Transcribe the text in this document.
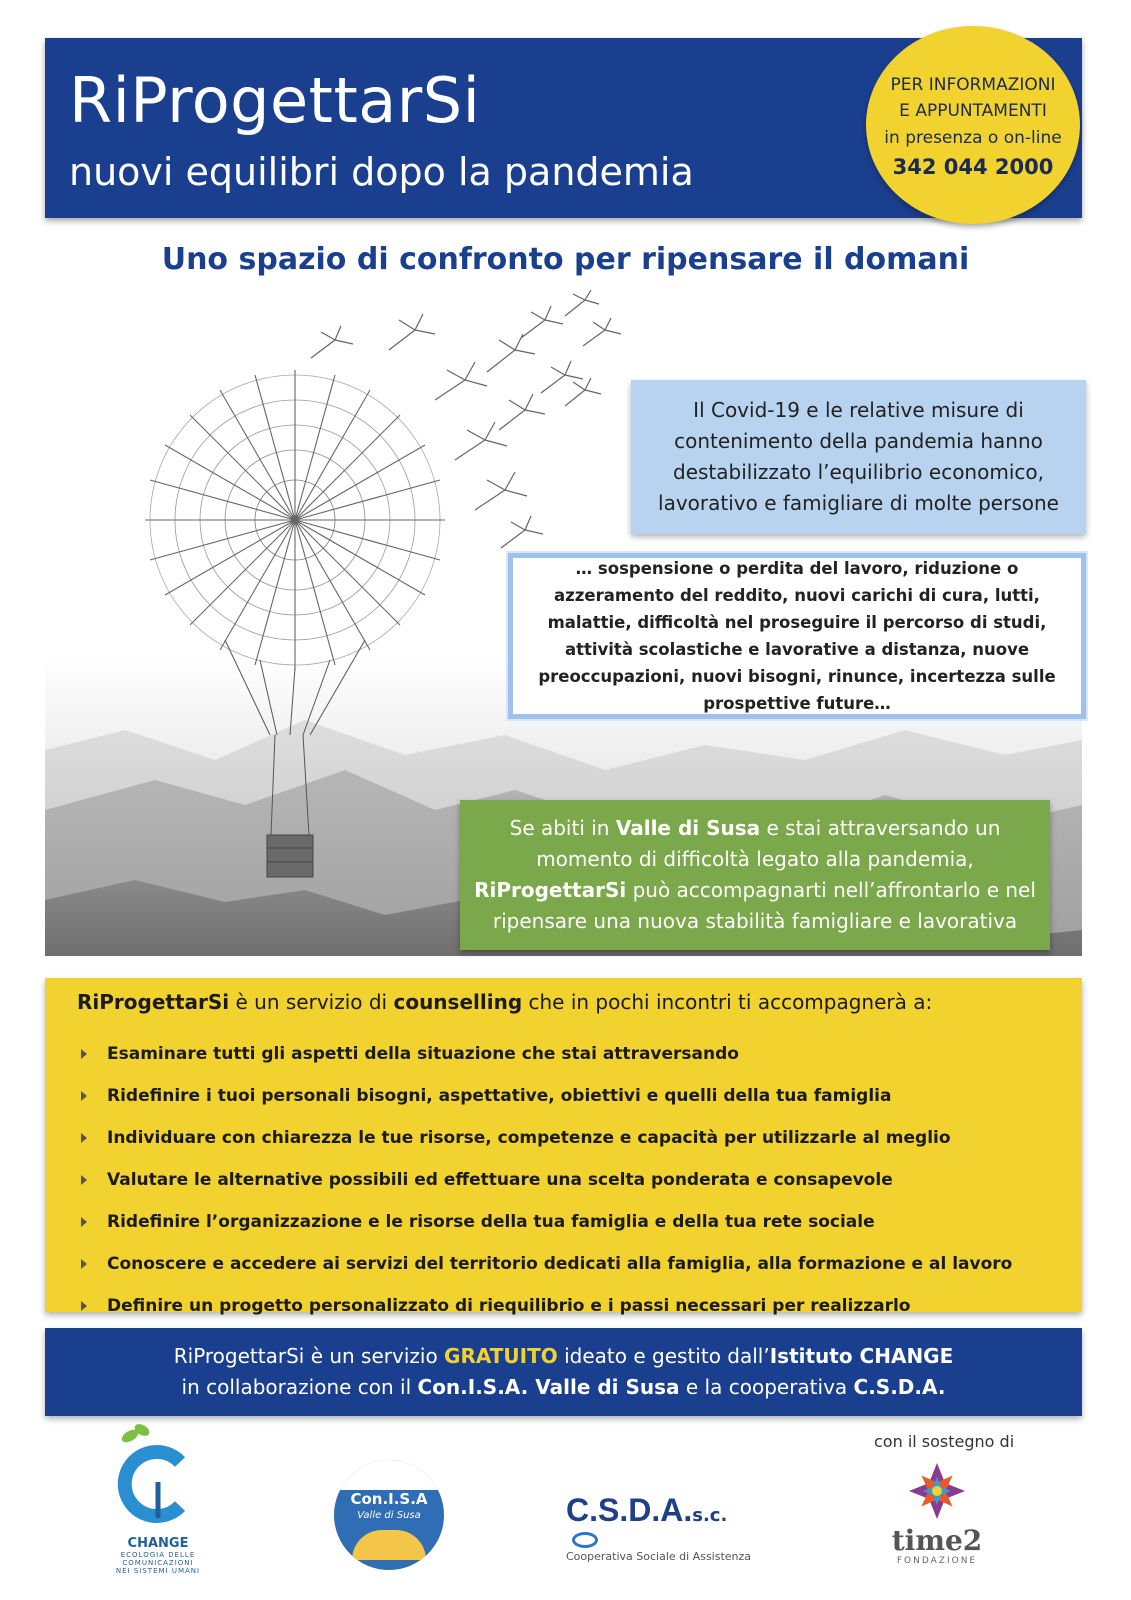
RiProgettarSi
nuovi equilibri dopo la pandemia
PER INFORMAZIONI
E APPUNTAMENTI
in presenza o on-line
342 044 2000
Uno spazio di confronto per ripensare il domani
Il Covid-19 e le relative misure di contenimento della pandemia hanno destabilizzato l’equilibrio economico, lavorativo e famigliare di molte persone
… sospensione o perdita del lavoro, riduzione o azzeramento del reddito, nuovi carichi di cura, lutti, malattie, difficoltà nel proseguire il percorso di studi, attività scolastiche e lavorative a distanza, nuove preoccupazioni, nuovi bisogni, rinunce, incertezza sulle prospettive future…
Se abiti in Valle di Susa e stai attraversando un momento di difficoltà legato alla pandemia, RiProgettarSi può accompagnarti nell’affrontarlo e nel ripensare una nuova stabilità famigliare e lavorativa
RiProgettarSi è un servizio di counselling che in pochi incontri ti accompagnerà a:
Esaminare tutti gli aspetti della situazione che stai attraversando
Ridefinire i tuoi personali bisogni, aspettative, obiettivi e quelli della tua famiglia
Individuare con chiarezza le tue risorse, competenze e capacità per utilizzarle al meglio
Valutare le alternative possibili ed effettuare una scelta ponderata e consapevole
Ridefinire l’organizzazione e le risorse della tua famiglia e della tua rete sociale
Conoscere e accedere ai servizi del territorio dedicati alla famiglia, alla formazione e al lavoro
Definire un progetto personalizzato di riequilibrio e i passi necessari per realizzarlo
RiProgettarSi è un servizio GRATUITO ideato e gestito dall’Istituto CHANGE
in collaborazione con il Con.I.S.A. Valle di Susa e la cooperativa C.S.D.A.
CHANGE
ECOLOGIA DELLE
COMUNICAZIONI
NEI SISTEMI UMANI
Con.I.S.A
Valle di Susa	C.S.D.A.s.c.
Cooperativa Sociale di Assistenza
con il sostegno di
time2
FONDAZIONE
